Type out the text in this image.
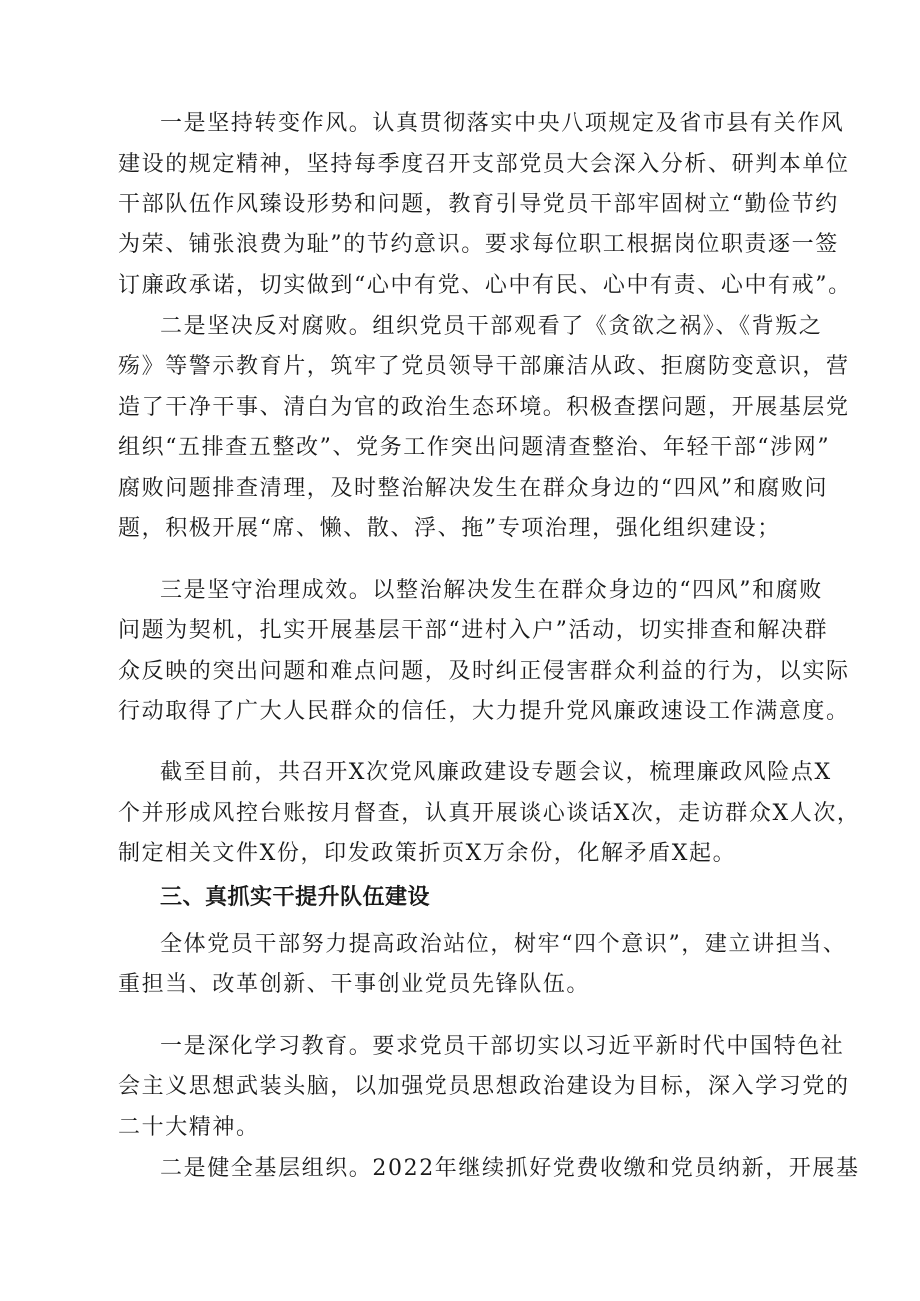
一是坚持转变作风。认真贯彻落实中央八项规定及省市县有关作风
建设的规定精神，坚持每季度召开支部党员大会深入分析、研判本单位
干部队伍作风臻设形势和问题，教育引导党员干部牢固树立“勤俭节约
为荣、铺张浪费为耻”的节约意识。要求每位职工根据岗位职责逐一签
订廉政承诺，切实做到“心中有党、心中有民、心中有责、心中有戒”。
二是坚决反对腐败。组织党员干部观看了《贪欲之祸》、《背叛之
殇》等警示教育片，筑牢了党员领导干部廉洁从政、拒腐防变意识，营
造了干净干事、清白为官的政治生态环境。积极查摆问题，开展基层党
组织“五排查五整改”、党务工作突出问题清查整治、年轻干部“涉网”
腐败问题排查清理，及时整治解决发生在群众身边的“四风”和腐败问
题，积极开展“席、懒、散、浮、拖”专项治理，强化组织建设；
三是坚守治理成效。以整治解决发生在群众身边的“四风”和腐败
问题为契机，扎实开展基层干部“进村入户”活动，切实排查和解决群
众反映的突出问题和难点问题，及时纠正侵害群众利益的行为，以实际
行动取得了广大人民群众的信任，大力提升党风廉政速设工作满意度。
截至目前，共召开X次党风廉政建设专题会议，梳理廉政风险点X
个并形成风控台账按月督查，认真开展谈心谈话X次，走访群众X人次，
制定相关文件X份，印发政策折页X万余份，化解矛盾X起。
三、真抓实干提升队伍建设
全体党员干部努力提高政治站位，树牢“四个意识”，建立讲担当、
重担当、改革创新、干事创业党员先锋队伍。
一是深化学习教育。要求党员干部切实以习近平新时代中国特色社
会主义思想武装头脑，以加强党员思想政治建设为目标，深入学习党的
二十大精神。
二是健全基层组织。2022年继续抓好党费收缴和党员纳新，开展基
